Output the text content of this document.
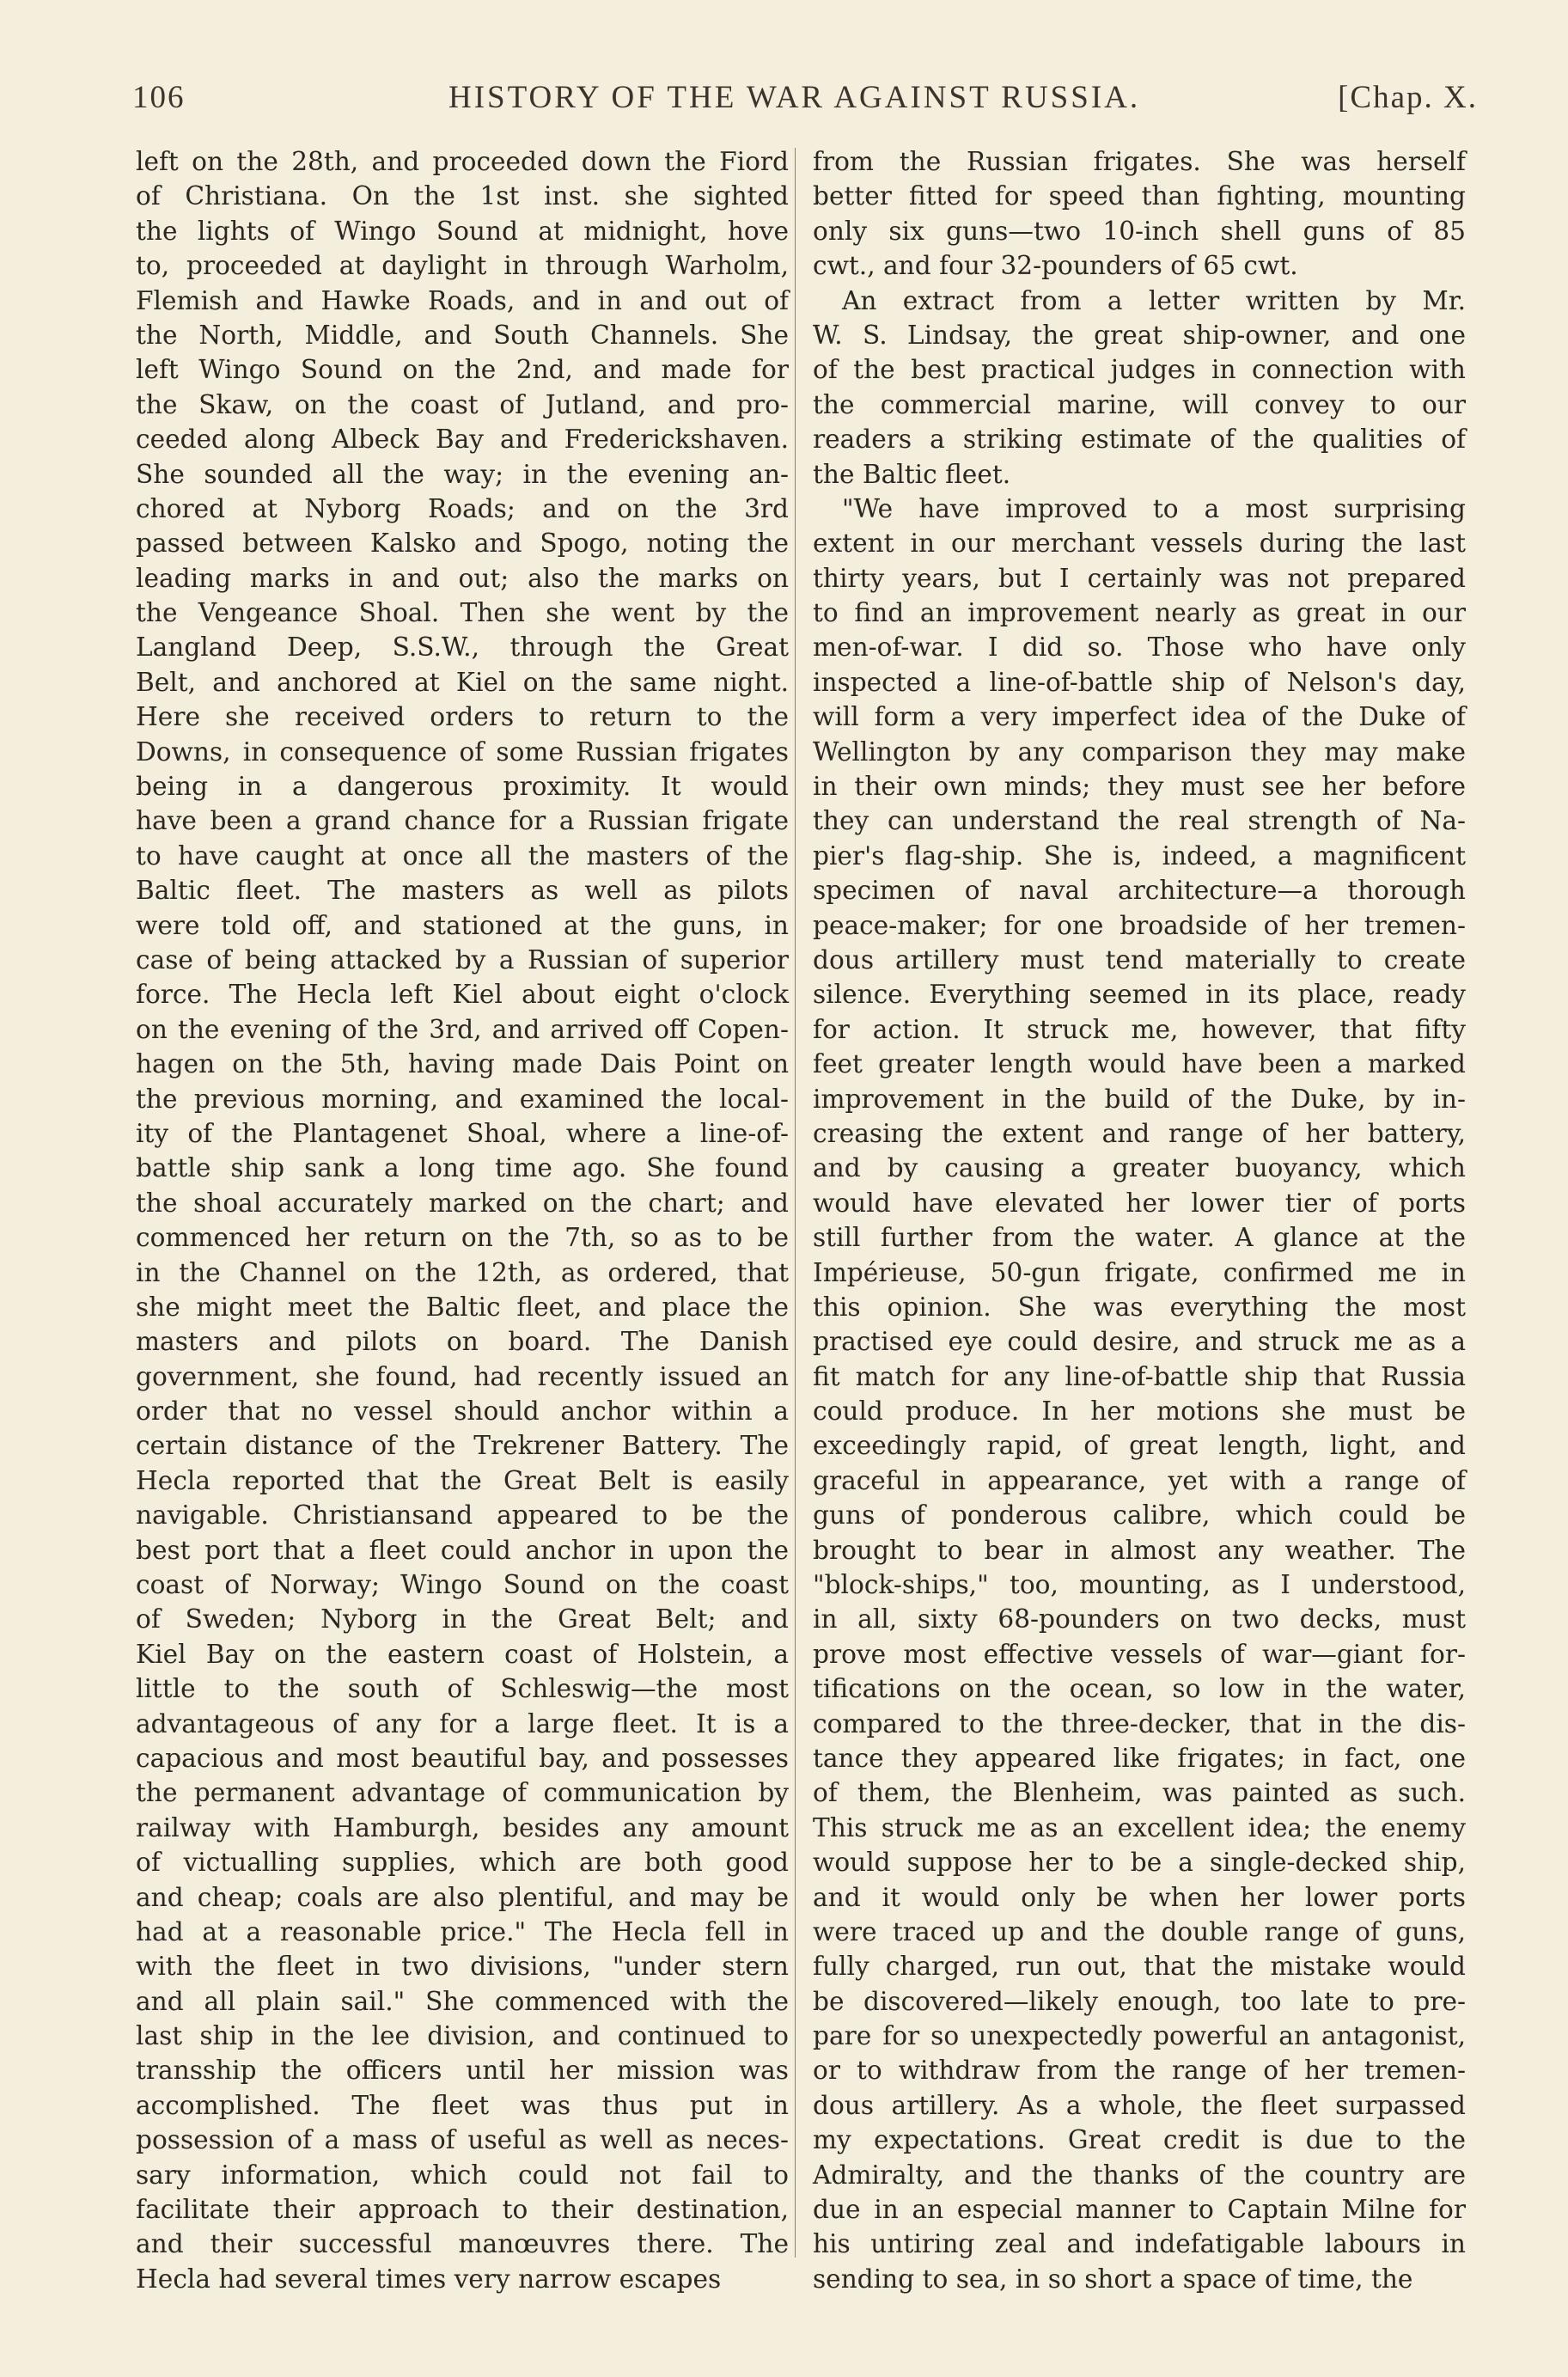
106	HISTORY OF THE WAR AGAINST RUSSIA.	[Chap. X.
left on the 28th, and proceeded down the Fiord
of Christiana. On the 1st inst. she sighted
the lights of Wingo Sound at midnight, hove
to, proceeded at daylight in through Warholm,
Flemish and Hawke Roads, and in and out of
the North, Middle, and South Channels. She
left Wingo Sound on the 2nd, and made for
the Skaw, on the coast of Jutland, and pro-
ceeded along Albeck Bay and Frederickshaven.
She sounded all the way; in the evening an-
chored at Nyborg Roads; and on the 3rd
passed between Kalsko and Spogo, noting the
leading marks in and out; also the marks on
the Vengeance Shoal. Then she went by the
Langland Deep, S.S.W., through the Great
Belt, and anchored at Kiel on the same night.
Here she received orders to return to the
Downs, in consequence of some Russian frigates
being in a dangerous proximity. It would
have been a grand chance for a Russian frigate
to have caught at once all the masters of the
Baltic fleet. The masters as well as pilots
were told off, and stationed at the guns, in
case of being attacked by a Russian of superior
force. The Hecla left Kiel about eight o'clock
on the evening of the 3rd, and arrived off Copen-
hagen on the 5th, having made Dais Point on
the previous morning, and examined the local-
ity of the Plantagenet Shoal, where a line-of-
battle ship sank a long time ago. She found
the shoal accurately marked on the chart; and
commenced her return on the 7th, so as to be
in the Channel on the 12th, as ordered, that
she might meet the Baltic fleet, and place the
masters and pilots on board. The Danish
government, she found, had recently issued an
order that no vessel should anchor within a
certain distance of the Trekrener Battery. The
Hecla reported that the Great Belt is easily
navigable. Christiansand appeared to be the
best port that a fleet could anchor in upon the
coast of Norway; Wingo Sound on the coast
of Sweden; Nyborg in the Great Belt; and
Kiel Bay on the eastern coast of Holstein, a
little to the south of Schleswig—the most
advantageous of any for a large fleet. It is a
capacious and most beautiful bay, and possesses
the permanent advantage of communication by
railway with Hamburgh, besides any amount
of victualling supplies, which are both good
and cheap; coals are also plentiful, and may be
had at a reasonable price." The Hecla fell in
with the fleet in two divisions, "under stern
and all plain sail." She commenced with the
last ship in the lee division, and continued to
transship the officers until her mission was
accomplished. The fleet was thus put in
possession of a mass of useful as well as neces-
sary information, which could not fail to
facilitate their approach to their destination,
and their successful manœuvres there. The
Hecla had several times very narrow escapes
from the Russian frigates. She was herself
better fitted for speed than fighting, mounting
only six guns—two 10-inch shell guns of 85
cwt., and four 32-pounders of 65 cwt.
An extract from a letter written by Mr.
W. S. Lindsay, the great ship-owner, and one
of the best practical judges in connection with
the commercial marine, will convey to our
readers a striking estimate of the qualities of
the Baltic fleet.
"We have improved to a most surprising
extent in our merchant vessels during the last
thirty years, but I certainly was not prepared
to find an improvement nearly as great in our
men-of-war. I did so. Those who have only
inspected a line-of-battle ship of Nelson's day,
will form a very imperfect idea of the Duke of
Wellington by any comparison they may make
in their own minds; they must see her before
they can understand the real strength of Na-
pier's flag-ship. She is, indeed, a magnificent
specimen of naval architecture—a thorough
peace-maker; for one broadside of her tremen-
dous artillery must tend materially to create
silence. Everything seemed in its place, ready
for action. It struck me, however, that fifty
feet greater length would have been a marked
improvement in the build of the Duke, by in-
creasing the extent and range of her battery,
and by causing a greater buoyancy, which
would have elevated her lower tier of ports
still further from the water. A glance at the
Impérieuse, 50-gun frigate, confirmed me in
this opinion. She was everything the most
practised eye could desire, and struck me as a
fit match for any line-of-battle ship that Russia
could produce. In her motions she must be
exceedingly rapid, of great length, light, and
graceful in appearance, yet with a range of
guns of ponderous calibre, which could be
brought to bear in almost any weather. The
"block-ships," too, mounting, as I understood,
in all, sixty 68-pounders on two decks, must
prove most effective vessels of war—giant for-
tifications on the ocean, so low in the water,
compared to the three-decker, that in the dis-
tance they appeared like frigates; in fact, one
of them, the Blenheim, was painted as such.
This struck me as an excellent idea; the enemy
would suppose her to be a single-decked ship,
and it would only be when her lower ports
were traced up and the double range of guns,
fully charged, run out, that the mistake would
be discovered—likely enough, too late to pre-
pare for so unexpectedly powerful an antagonist,
or to withdraw from the range of her tremen-
dous artillery. As a whole, the fleet surpassed
my expectations. Great credit is due to the
Admiralty, and the thanks of the country are
due in an especial manner to Captain Milne for
his untiring zeal and indefatigable labours in
sending to sea, in so short a space of time, the
